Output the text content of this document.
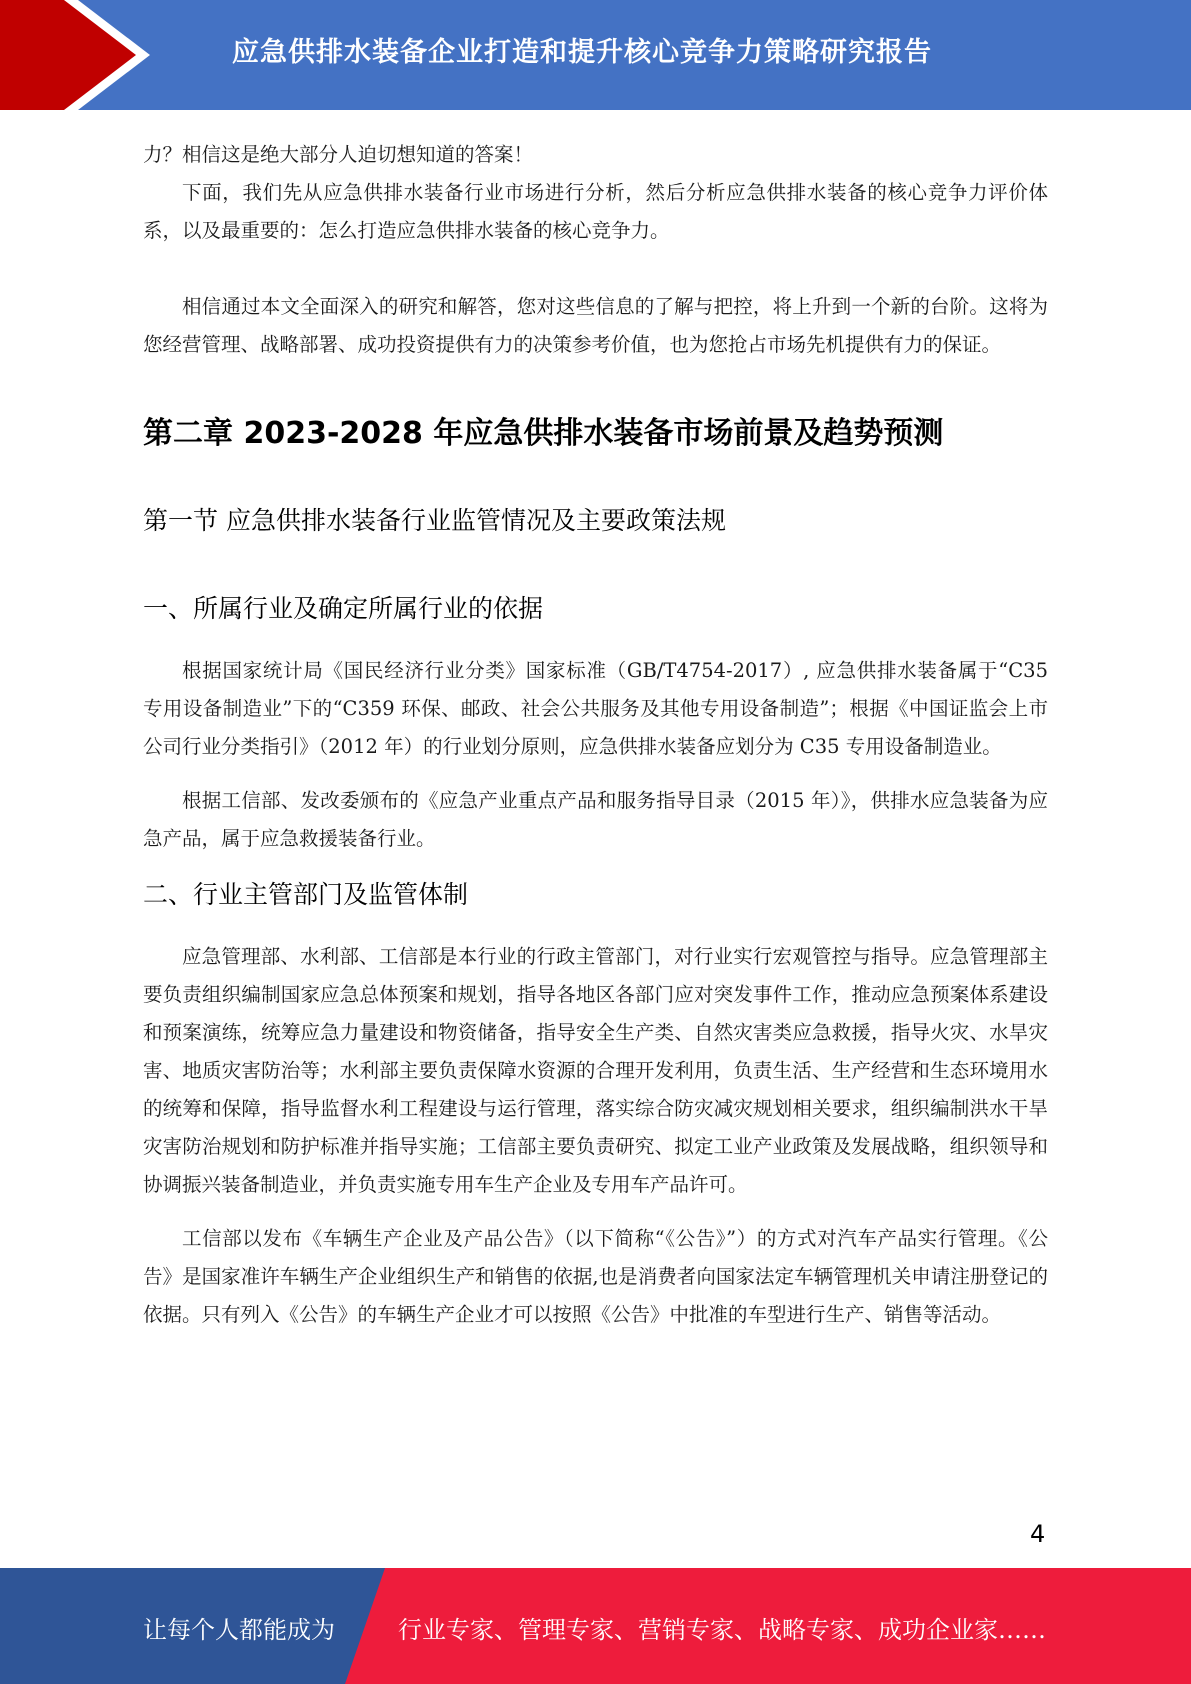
应急供排水装备企业打造和提升核心竞争力策略研究报告

力？相信这是绝大部分人迫切想知道的答案！

下面，我们先从应急供排水装备行业市场进行分析，然后分析应急供排水装备的核心竞争力评价体系，以及最重要的：怎么打造应急供排水装备的核心竞争力。

相信通过本文全面深入的研究和解答，您对这些信息的了解与把控，将上升到一个新的台阶。这将为您经营管理、战略部署、成功投资提供有力的决策参考价值，也为您抢占市场先机提供有力的保证。

第二章 2023-2028 年应急供排水装备市场前景及趋势预测
第一节 应急供排水装备行业监管情况及主要政策法规
一、所属行业及确定所属行业的依据

根据国家统计局《国民经济行业分类》国家标准（GB/T4754-2017）, 应急供排水装备属于“C35 专用设备制造业”下的“C359 环保、邮政、社会公共服务及其他专用设备制造”；根据《中国证监会上市公司行业分类指引》（2012 年）的行业划分原则，应急供排水装备应划分为 C35 专用设备制造业。

根据工信部、发改委颁布的《应急产业重点产品和服务指导目录（2015 年）》，供排水应急装备为应急产品，属于应急救援装备行业。

二、行业主管部门及监管体制

应急管理部、水利部、工信部是本行业的行政主管部门，对行业实行宏观管控与指导。应急管理部主要负责组织编制国家应急总体预案和规划，指导各地区各部门应对突发事件工作，推动应急预案体系建设和预案演练，统筹应急力量建设和物资储备，指导安全生产类、自然灾害类应急救援，指导火灾、水旱灾害、地质灾害防治等；水利部主要负责保障水资源的合理开发利用，负责生活、生产经营和生态环境用水的统筹和保障，指导监督水利工程建设与运行管理，落实综合防灾减灾规划相关要求，组织编制洪水干旱灾害防治规划和防护标准并指导实施；工信部主要负责研究、拟定工业产业政策及发展战略，组织领导和协调振兴装备制造业，并负责实施专用车生产企业及专用车产品许可。

工信部以发布《车辆生产企业及产品公告》（以下简称“《公告》”）的方式对汽车产品实行管理。《公告》是国家准许车辆生产企业组织生产和销售的依据,也是消费者向国家法定车辆管理机关申请注册登记的依据。只有列入《公告》的车辆生产企业才可以按照《公告》中批准的车型进行生产、销售等活动。

4
让每个人都能成为	行业专家、管理专家、营销专家、战略专家、成功企业家……
